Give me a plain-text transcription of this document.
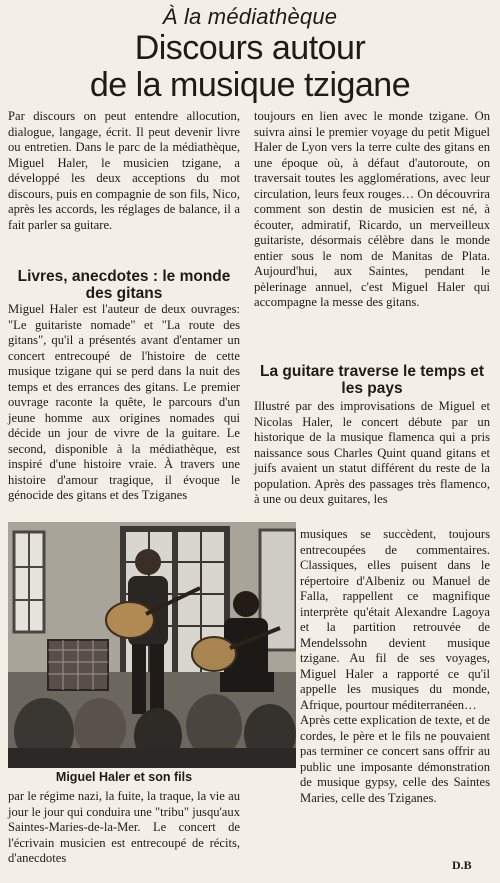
À la médiathèque
Discours autour
de la musique tzigane

Par discours on peut entendre allocution, dialogue, langage, écrit. Il peut devenir livre ou entretien. Dans le parc de la médiathèque, Miguel Haler, le musicien tzigane, a développé les deux acceptions du mot discours, puis en compagnie de son fils, Nico, après les accords, les réglages de balance, il a fait parler sa guitare.

Livres, anecdotes : le monde des gitans

Miguel Haler est l'auteur de deux ouvrages: "Le guitariste nomade" et "La route des gitans", qu'il a présentés avant d'entamer un concert entrecoupé de l'histoire de cette musique tzigane qui se perd dans la nuit des temps et des errances des gitans. Le premier ouvrage raconte la quête, le parcours d'un jeune homme aux origines nomades qui décide un jour de vivre de la guitare. Le second, disponible à la médiathèque, est inspiré d'une histoire vraie. À travers une histoire d'amour tragique, il évoque le génocide des gitans et des Tziganes

Miguel Haler et son fils

par le régime nazi, la fuite, la traque, la vie au jour le jour qui conduira une "tribu" jusqu'aux Saintes-Maries-de-la-Mer. Le concert de l'écrivain musicien est entrecoupé de récits, d'anecdotes

toujours en lien avec le monde tzigane. On suivra ainsi le premier voyage du petit Miguel Haler de Lyon vers la terre culte des gitans en une époque où, à défaut d'autoroute, on traversait toutes les agglomérations, avec leur circulation, leurs feux rouges… On découvrira comment son destin de musicien est né, à écouter, admiratif, Ricardo, un merveilleux guitariste, désormais célèbre dans le monde entier sous le nom de Manitas de Plata. Aujourd'hui, aux Saintes, pendant le pèlerinage annuel, c'est Miguel Haler qui accompagne la messe des gitans.

La guitare traverse le temps et les pays

Illustré par des improvisations de Miguel et Nicolas Haler, le concert débute par un historique de la musique flamenca qui a pris naissance sous Charles Quint quand gitans et juifs avaient un statut différent du reste de la population. Après des passages très flamenco, à une ou deux guitares, les

musiques se succèdent, toujours entrecoupées de commentaires. Classiques, elles puisent dans le répertoire d'Albeniz ou Manuel de Falla, rappellent ce magnifique interprète qu'était Alexandre Lagoya et la partition retrouvée de Mendelssohn devient musique tzigane. Au fil de ses voyages, Miguel Haler a rapporté ce qu'il appelle les musiques du monde, Afrique, pourtour méditerranéen…
Après cette explication de texte, et de cordes, le père et le fils ne pouvaient pas terminer ce concert sans offrir au public une imposante démonstration de musique gypsy, celle des Saintes Maries, celle des Tziganes.

D.B
